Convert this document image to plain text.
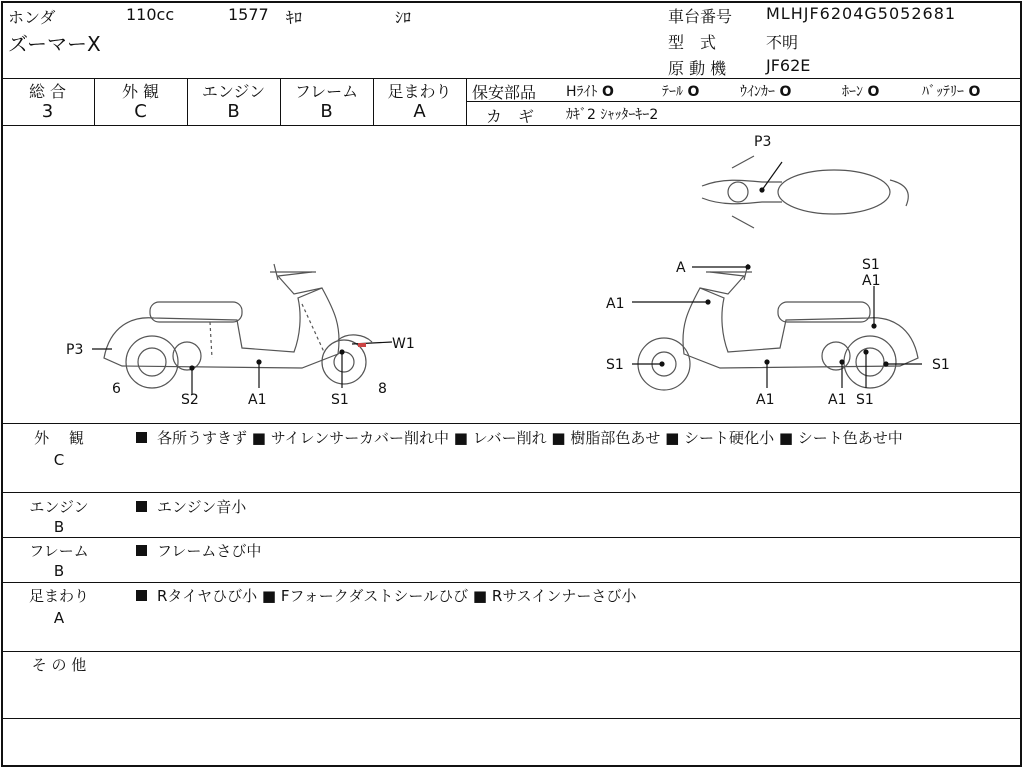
ホンダ	110cc	1577 ｷﾛ	ｼﾛ
ズーマーX
車台番号 MLHJF6204G5052681
型　式	不明
原 動 機 JF62E
総 合
3
外 観
C
エンジン
B
フレーム
B
足まわり
A
保安部品 Hﾗｲﾄ O	ﾃｰﾙ O	ｳｲﾝｶｰ O	ﾎｰﾝ O	ﾊﾞｯﾃﾘｰ O
カ　ギ ｶｷﾞ2 ｼｬｯﾀｰｷｰ2
P3	W1
6
S2	A1	S1
8
P3
A
A1
S1
S1
A1
S1
A1	A1 S1
外　 観
C
各所うすきず ■ サイレンサーカバー削れ中 ■ レバー削れ ■ 樹脂部色あせ ■ シート硬化小 ■ シート色あせ中
エンジン
B
エンジン音小
フレーム
B
フレームさび中
足まわり
A
Rタイヤひび小 ■ Fフォークダストシールひび ■ Rサスインナーさび小
そ の 他
